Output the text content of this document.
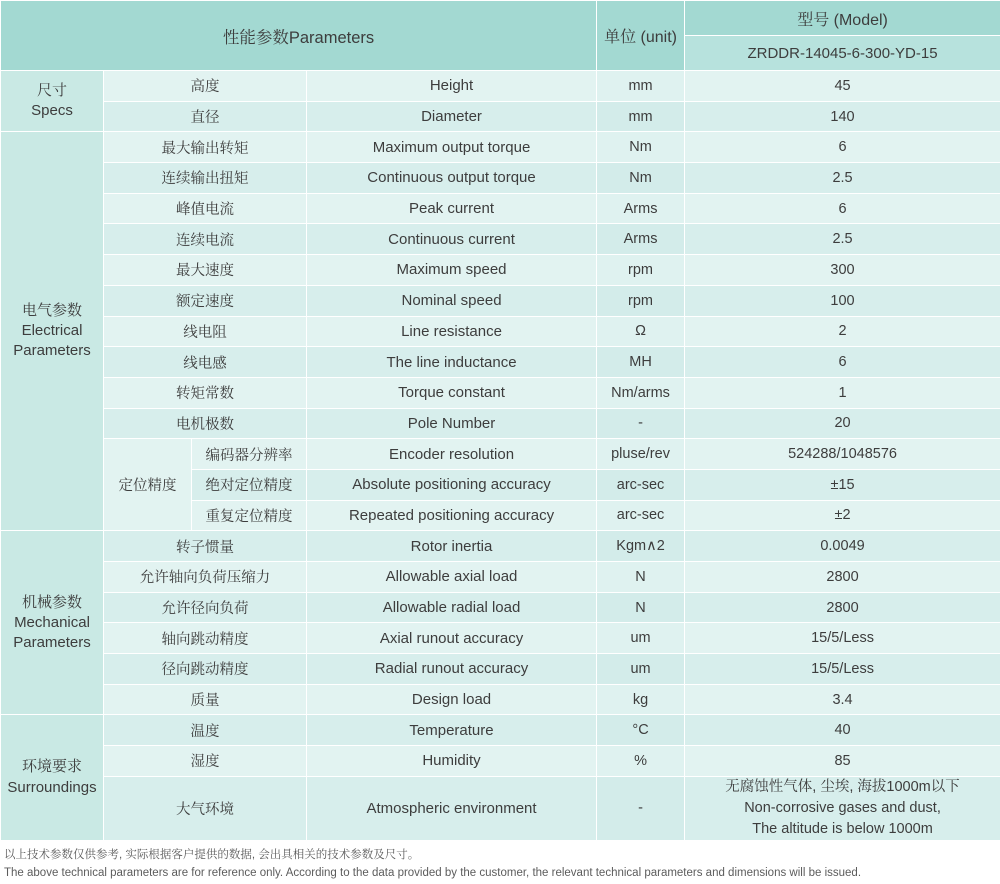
性能参数Parameters				单位 (unit)	型号 (Model)
					ZRDDR-14045-6-300-YD-15

尺寸
Specs	高度		Height	mm	45
	直径		Diameter	mm	140

电气参数
Electrical
Parameters	最大输出转矩		Maximum output torque	Nm	6
	连续输出扭矩		Continuous output torque	Nm	2.5
	峰值电流		Peak current	Arms	6
	连续电流		Continuous current	Arms	2.5
	最大速度		Maximum speed	rpm	300
	额定速度		Nominal speed	rpm	100
	线电阻		Line resistance	Ω	2
	线电感		The line inductance	MH	6
	转矩常数		Torque constant	Nm/arms	1
	电机极数		Pole Number	-	20
	定位精度	编码器分辨率	Encoder resolution	pluse/rev	524288/1048576
		绝对定位精度	Absolute positioning accuracy	arc-sec	±15
		重复定位精度	Repeated positioning accuracy	arc-sec	±2

机械参数
Mechanical
Parameters	转子惯量		Rotor inertia	Kgm∧2	0.0049
	允许轴向负荷压缩力		Allowable axial load	N	2800
	允许径向负荷		Allowable radial load	N	2800
	轴向跳动精度		Axial runout accuracy	um	15/5/Less
	径向跳动精度		Radial runout accuracy	um	15/5/Less
	质量		Design load	kg	3.4

环境要求
Surroundings	温度		Temperature	°C	40
	湿度		Humidity	%	85
	大气环境		Atmospheric environment	-	无腐蚀性气体, 尘埃, 海拔1000m以下
Non-corrosive gases and dust,
The altitude is below 1000m
以上技术参数仅供参考, 实际根据客户提供的数据, 会出具相关的技术参数及尺寸。
The above technical parameters are for reference only. According to the data provided by the customer, the relevant technical parameters and dimensions will be issued.
